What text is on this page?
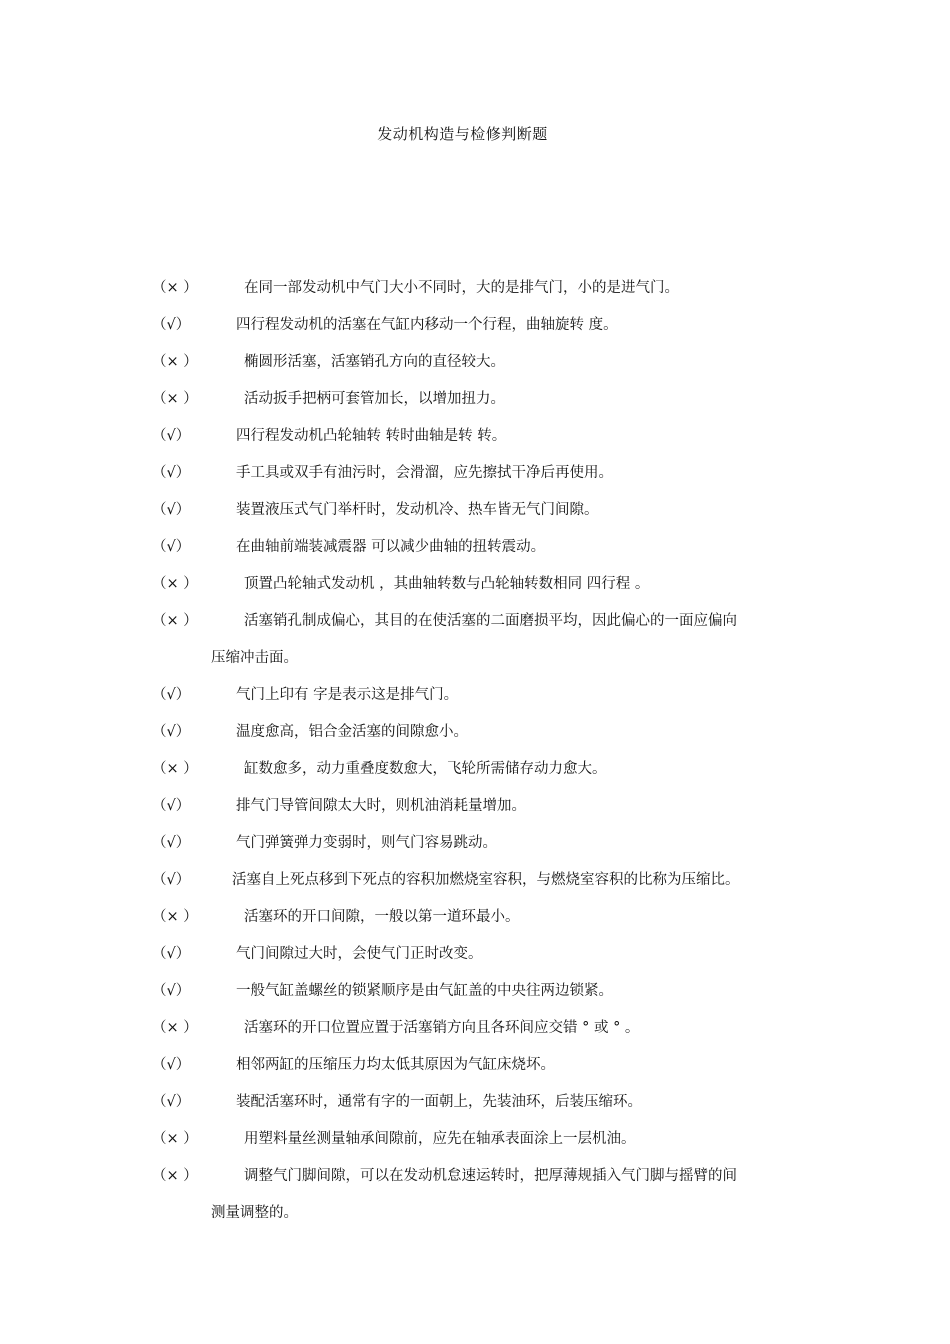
发动机构造与检修判断题
（× ）	在同一部发动机中气门大小不同时，大的是排气门，小的是进气门。
（√）	四行程发动机的活塞在气缸内移动一个行程，曲轴旋转 度。
（× ）	椭圆形活塞，活塞销孔方向的直径较大。
（× ）	活动扳手把柄可套管加长，以增加扭力。
（√）	四行程发动机凸轮轴转 转时曲轴是转 转。
（√）	手工具或双手有油污时，会滑溜，应先擦拭干净后再使用。
（√）	装置液压式气门举杆时，发动机冷、热车皆无气门间隙。
（√）	在曲轴前端装减震器 可以减少曲轴的扭转震动。
（× ）	顶置凸轮轴式发动机 ，其曲轴转数与凸轮轴转数相同 四行程 。
（× ）	活塞销孔制成偏心，其目的在使活塞的二面磨损平均，因此偏心的一面应偏向
压缩冲击面。
（√）	气门上印有 字是表示这是排气门。
（√）	温度愈高，铝合金活塞的间隙愈小。
（× ）	缸数愈多，动力重叠度数愈大，飞轮所需储存动力愈大。
（√）	排气门导管间隙太大时，则机油消耗量增加。
（√）	气门弹簧弹力变弱时，则气门容易跳动。
（√）	活塞自上死点移到下死点的容积加燃烧室容积，与燃烧室容积的比称为压缩比。
（× ）	活塞环的开口间隙，一般以第一道环最小。
（√）	气门间隙过大时，会使气门正时改变。
（√）	一般气缸盖螺丝的锁紧顺序是由气缸盖的中央往两边锁紧。
（× ）	活塞环的开口位置应置于活塞销方向且各环间应交错 ° 或 ° 。
（√）	相邻两缸的压缩压力均太低其原因为气缸床烧坏。
（√）	装配活塞环时，通常有字的一面朝上，先装油环，后装压缩环。
（× ）	用塑料量丝测量轴承间隙前，应先在轴承表面涂上一层机油。
（× ）	调整气门脚间隙，可以在发动机怠速运转时，把厚薄规插入气门脚与摇臂的间
测量调整的。
